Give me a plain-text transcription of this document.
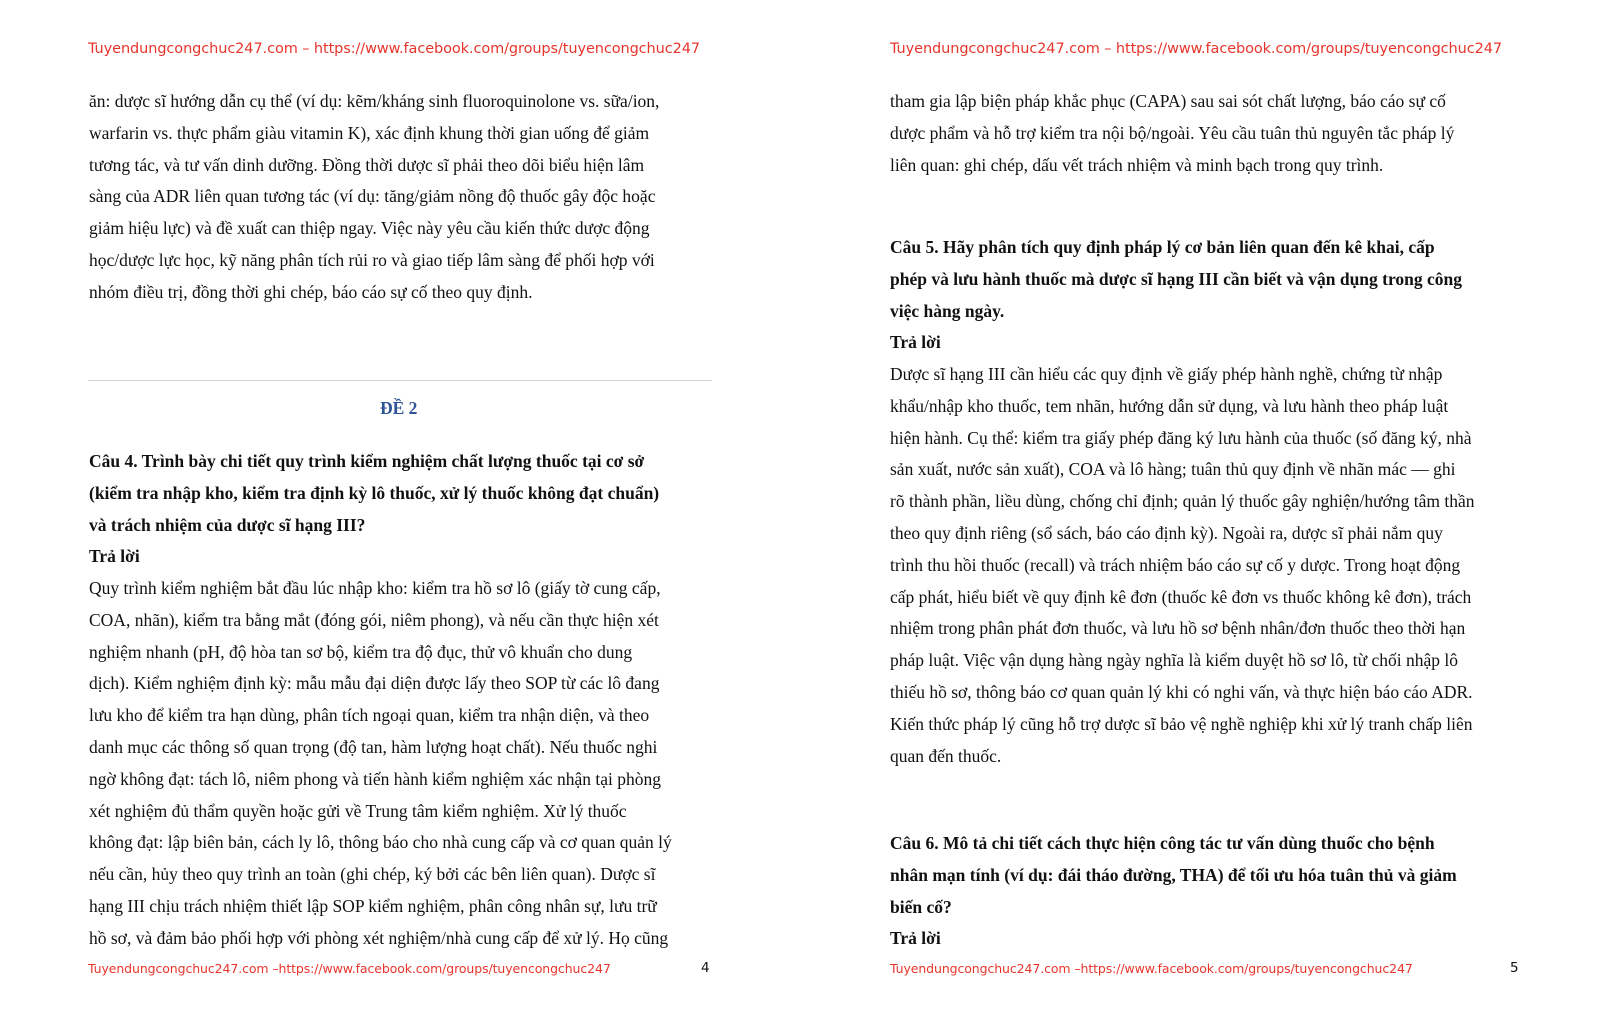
Tuyendungcongchuc247.com – https://www.facebook.com/groups/tuyencongchuc247
ăn: dược sĩ hướng dẫn cụ thể (ví dụ: kẽm/kháng sinh fluoroquinolone vs. sữa/ion,
warfarin vs. thực phẩm giàu vitamin K), xác định khung thời gian uống để giảm
tương tác, và tư vấn dinh dưỡng. Đồng thời dược sĩ phải theo dõi biểu hiện lâm
sàng của ADR liên quan tương tác (ví dụ: tăng/giảm nồng độ thuốc gây độc hoặc
giảm hiệu lực) và đề xuất can thiệp ngay. Việc này yêu cầu kiến thức dược động
học/dược lực học, kỹ năng phân tích rủi ro và giao tiếp lâm sàng để phối hợp với
nhóm điều trị, đồng thời ghi chép, báo cáo sự cố theo quy định.
ĐỀ 2
Câu 4. Trình bày chi tiết quy trình kiểm nghiệm chất lượng thuốc tại cơ sở
(kiểm tra nhập kho, kiểm tra định kỳ lô thuốc, xử lý thuốc không đạt chuẩn)
và trách nhiệm của dược sĩ hạng III?
Trả lời
Quy trình kiểm nghiệm bắt đầu lúc nhập kho: kiểm tra hồ sơ lô (giấy tờ cung cấp,
COA, nhãn), kiểm tra bằng mắt (đóng gói, niêm phong), và nếu cần thực hiện xét
nghiệm nhanh (pH, độ hòa tan sơ bộ, kiểm tra độ đục, thử vô khuẩn cho dung
dịch). Kiểm nghiệm định kỳ: mẫu mẫu đại diện được lấy theo SOP từ các lô đang
lưu kho để kiểm tra hạn dùng, phân tích ngoại quan, kiểm tra nhận diện, và theo
danh mục các thông số quan trọng (độ tan, hàm lượng hoạt chất). Nếu thuốc nghi
ngờ không đạt: tách lô, niêm phong và tiến hành kiểm nghiệm xác nhận tại phòng
xét nghiệm đủ thẩm quyền hoặc gửi về Trung tâm kiểm nghiệm. Xử lý thuốc
không đạt: lập biên bản, cách ly lô, thông báo cho nhà cung cấp và cơ quan quản lý
nếu cần, hủy theo quy trình an toàn (ghi chép, ký bởi các bên liên quan). Dược sĩ
hạng III chịu trách nhiệm thiết lập SOP kiểm nghiệm, phân công nhân sự, lưu trữ
hồ sơ, và đảm bảo phối hợp với phòng xét nghiệm/nhà cung cấp để xử lý. Họ cũng
Tuyendungcongchuc247.com –https://www.facebook.com/groups/tuyencongchuc247	4
Tuyendungcongchuc247.com – https://www.facebook.com/groups/tuyencongchuc247
tham gia lập biện pháp khắc phục (CAPA) sau sai sót chất lượng, báo cáo sự cố
dược phẩm và hỗ trợ kiểm tra nội bộ/ngoài. Yêu cầu tuân thủ nguyên tắc pháp lý
liên quan: ghi chép, dấu vết trách nhiệm và minh bạch trong quy trình.
Câu 5. Hãy phân tích quy định pháp lý cơ bản liên quan đến kê khai, cấp
phép và lưu hành thuốc mà dược sĩ hạng III cần biết và vận dụng trong công
việc hàng ngày.
Trả lời
Dược sĩ hạng III cần hiểu các quy định về giấy phép hành nghề, chứng từ nhập
khẩu/nhập kho thuốc, tem nhãn, hướng dẫn sử dụng, và lưu hành theo pháp luật
hiện hành. Cụ thể: kiểm tra giấy phép đăng ký lưu hành của thuốc (số đăng ký, nhà
sản xuất, nước sản xuất), COA và lô hàng; tuân thủ quy định về nhãn mác — ghi
rõ thành phần, liều dùng, chống chỉ định; quản lý thuốc gây nghiện/hướng tâm thần
theo quy định riêng (sổ sách, báo cáo định kỳ). Ngoài ra, dược sĩ phải nắm quy
trình thu hồi thuốc (recall) và trách nhiệm báo cáo sự cố y dược. Trong hoạt động
cấp phát, hiểu biết về quy định kê đơn (thuốc kê đơn vs thuốc không kê đơn), trách
nhiệm trong phân phát đơn thuốc, và lưu hồ sơ bệnh nhân/đơn thuốc theo thời hạn
pháp luật. Việc vận dụng hàng ngày nghĩa là kiểm duyệt hồ sơ lô, từ chối nhập lô
thiếu hồ sơ, thông báo cơ quan quản lý khi có nghi vấn, và thực hiện báo cáo ADR.
Kiến thức pháp lý cũng hỗ trợ dược sĩ bảo vệ nghề nghiệp khi xử lý tranh chấp liên
quan đến thuốc.
Câu 6. Mô tả chi tiết cách thực hiện công tác tư vấn dùng thuốc cho bệnh
nhân mạn tính (ví dụ: đái tháo đường, THA) để tối ưu hóa tuân thủ và giảm
biến cố?
Trả lời
Tuyendungcongchuc247.com –https://www.facebook.com/groups/tuyencongchuc247	5
